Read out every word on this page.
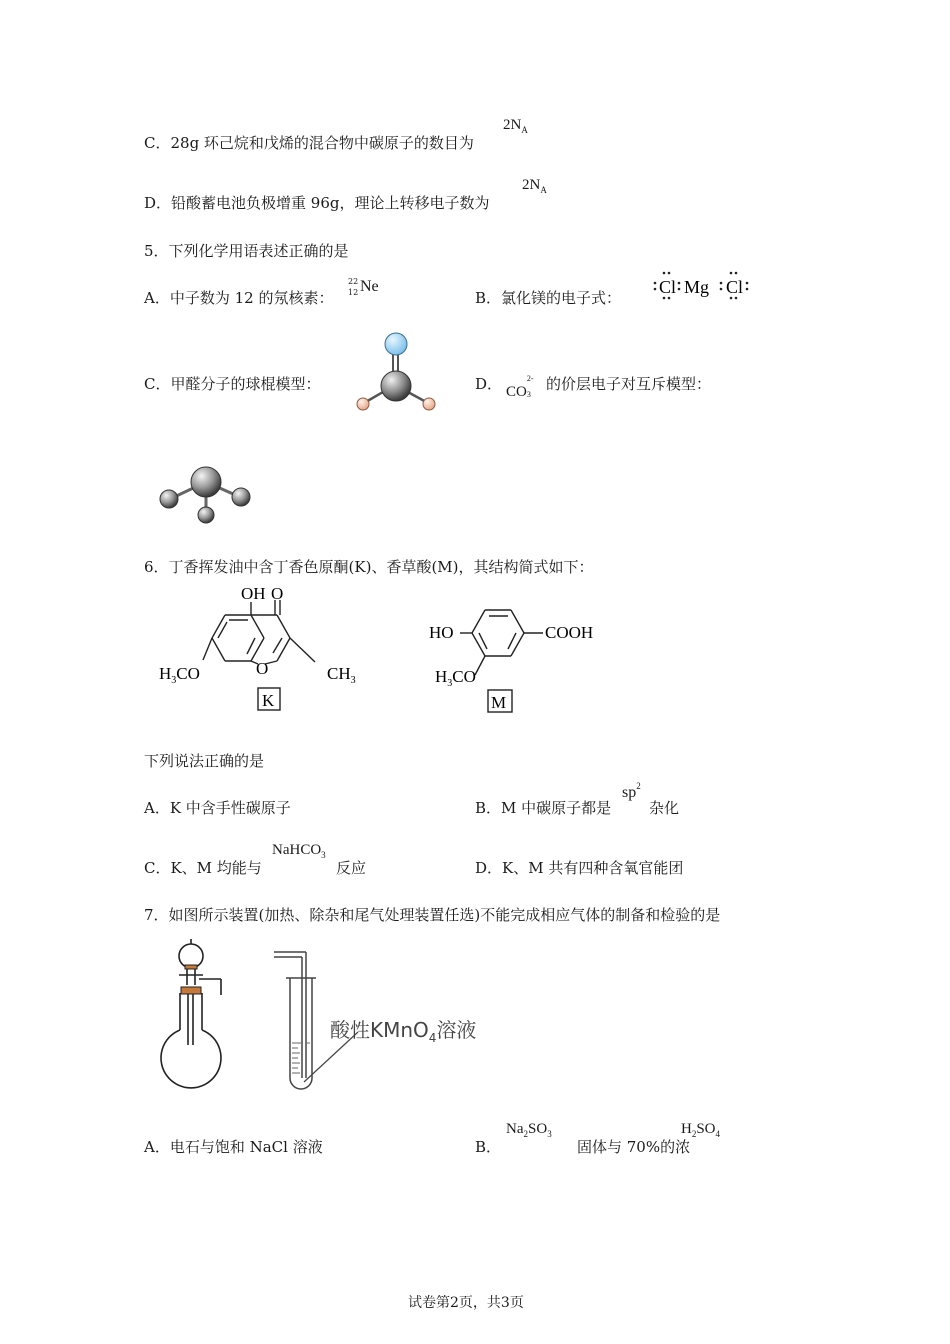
C．28g 环己烷和戊烯的混合物中碳原子的数目为
$2N_A$
D．铅酸蓄电池负极增重 96g，理论上转移电子数为
$2N_A$
5．下列化学用语表述正确的是
A．中子数为 12 的氖核素：
22
12 Ne
B．氯化镁的电子式：
Cl Mg Cl
C．甲醛分子的球棍模型：	D． CO
2-
3
的价层电子对互斥模型：
6．丁香挥发油中含丁香色原酮(K)、香草酸(M)，其结构简式如下：
OH O
O
$H_3CO$	$CH_3$
K
HO	COOH
$H_3CO$
M
下列说法正确的是
A．K 中含手性碳原子	B．M 中碳原子都是
$sp^2$
杂化
C．K、M 均能与
NaHCO$_3$
反应	D．K、M 共有四种含氧官能团
7．如图所示装置(加热、除杂和尾气处理装置任选)不能完成相应气体的制备和检验的是
酸性KMnO$_4$溶液
A．电石与饱和 NaCl 溶液	B．
$Na_2SO_3$
固体与 70%的浓
$H_2SO_4$
试卷第2页，共3页
